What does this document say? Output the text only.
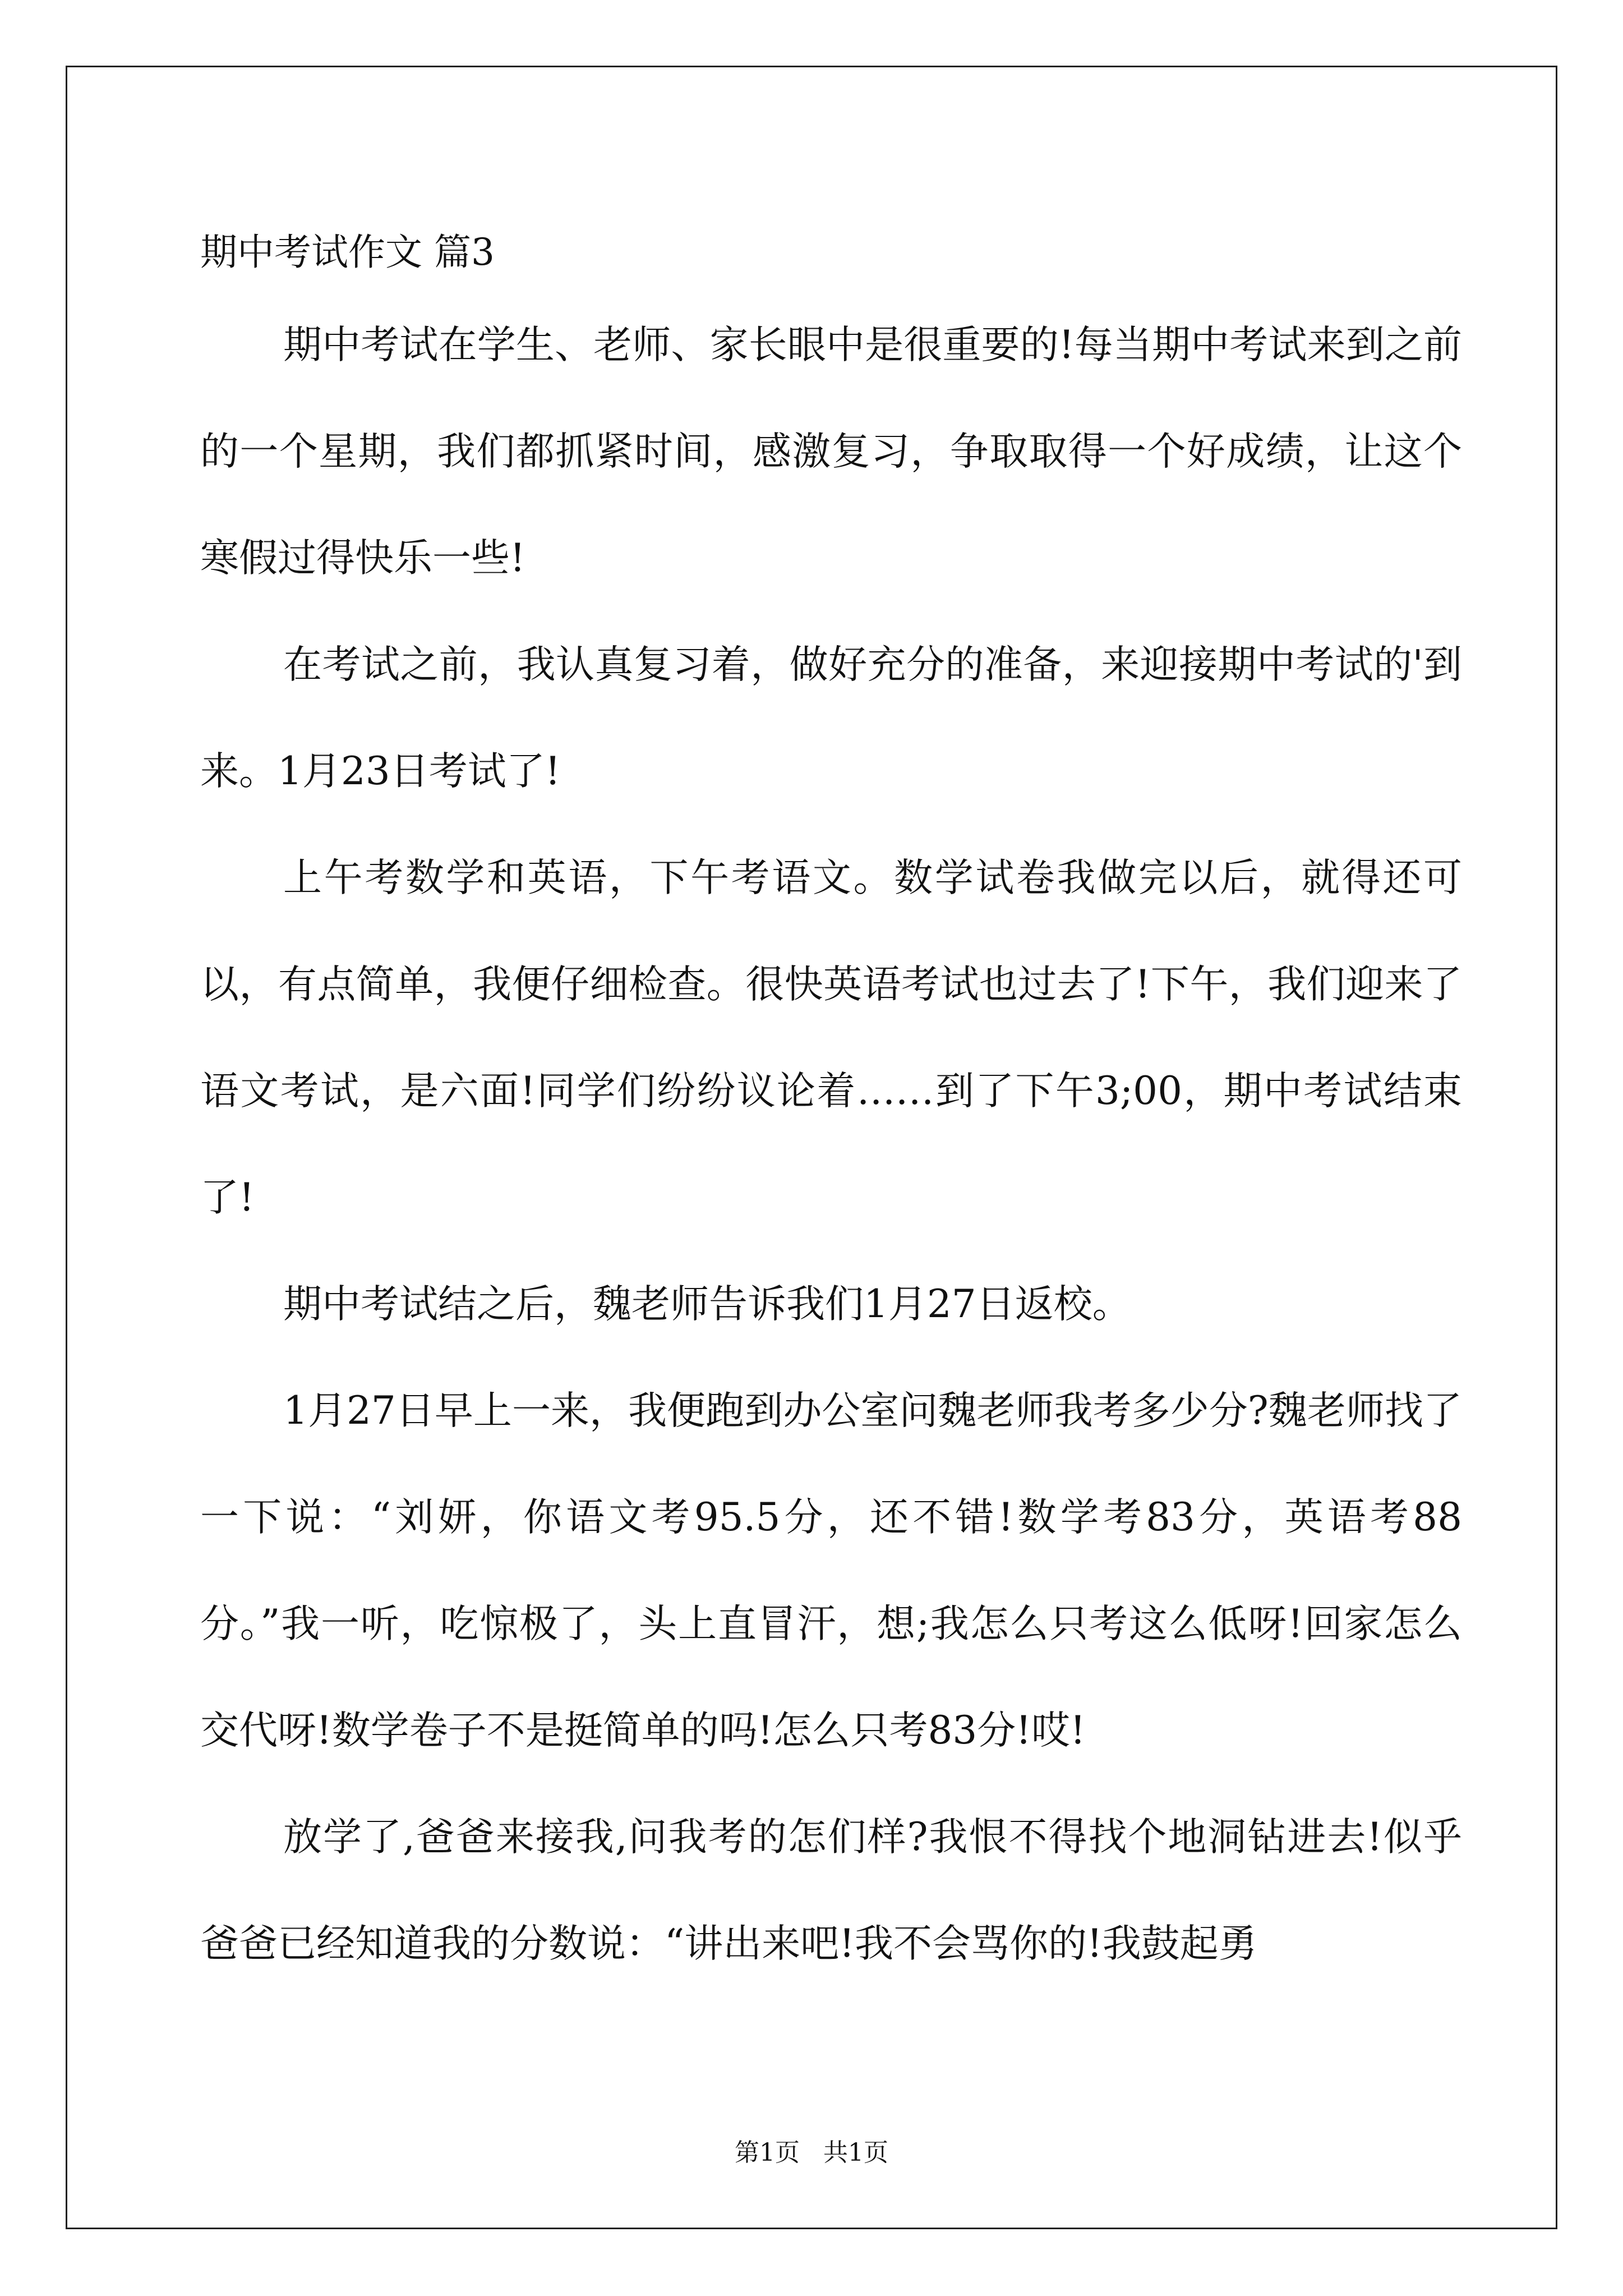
期中考试作文 篇3

期中考试在学生、老师、家长眼中是很重要的!每当期中考试来到之前的一个星期，我们都抓紧时间，感激复习，争取取得一个好成绩，让这个寒假过得快乐一些!

在考试之前，我认真复习着，做好充分的准备，来迎接期中考试的'到来。1月23日考试了!

上午考数学和英语，下午考语文。数学试卷我做完以后，就得还可以，有点简单，我便仔细检查。很快英语考试也过去了!下午，我们迎来了语文考试，是六面!同学们纷纷议论着……到了下午3;00，期中考试结束了!

期中考试结之后，魏老师告诉我们1月27日返校。

1月27日早上一来，我便跑到办公室问魏老师我考多少分?魏老师找了一下说：“刘妍，你语文考95.5分，还不错!数学考83分，英语考88分。”我一听，吃惊极了，头上直冒汗，想;我怎么只考这么低呀!回家怎么交代呀!数学卷子不是挺简单的吗!怎么只考83分!哎!

放学了,爸爸来接我,问我考的怎们样?我恨不得找个地洞钻进去!似乎爸爸已经知道我的分数说：“讲出来吧!我不会骂你的!我鼓起勇

第1页   共1页
